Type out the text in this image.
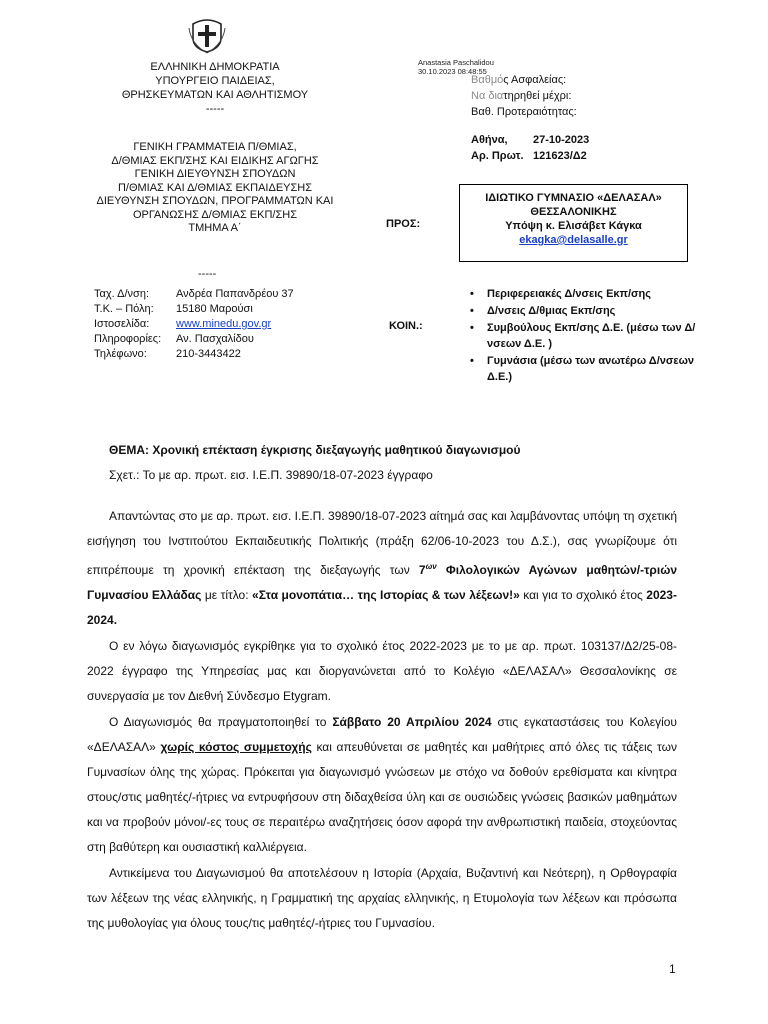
ΕΛΛΗΝΙΚΗ ΔΗΜΟΚΡΑΤΙΑ
ΥΠΟΥΡΓΕΙΟ ΠΑΙΔΕΙΑΣ,
ΘΡΗΣΚΕΥΜΑΤΩΝ ΚΑΙ ΑΘΛΗΤΙΣΜΟΥ
-----
ΓΕΝΙΚΗ ΓΡΑΜΜΑΤΕΙΑ Π/ΘΜΙΑΣ,
Δ/ΘΜΙΑΣ ΕΚΠ/ΣΗΣ ΚΑΙ ΕΙΔΙΚΗΣ ΑΓΩΓΗΣ
ΓΕΝΙΚΗ ΔΙΕΥΘΥΝΣΗ ΣΠΟΥΔΩΝ
Π/ΘΜΙΑΣ ΚΑΙ Δ/ΘΜΙΑΣ ΕΚΠΑΙΔΕΥΣΗΣ
ΔΙΕΥΘΥΝΣΗ ΣΠΟΥΔΩΝ, ΠΡΟΓΡΑΜΜΑΤΩΝ ΚΑΙ
ΟΡΓΑΝΩΣΗΣ Δ/ΘΜΙΑΣ ΕΚΠ/ΣΗΣ
ΤΜΗΜΑ Α΄
Anastasia Paschalidou
30.10.2023 08:48:55
Βαθμός Ασφαλείας:
Να διατηρηθεί μέχρι:
Βαθ. Προτεραιότητας:
Αθήνα, 27-10-2023
Αρ. Πρωτ. 121623/Δ2
ΠΡΟΣ:
ΙΔΙΩΤΙΚΟ ΓΥΜΝΑΣΙΟ «ΔΕΛΑΣΑΛ»
ΘΕΣΣΑΛΟΝΙΚΗΣ
Υπόψη κ. Ελισάβετ Κάγκα
ekagka@delasalle.gr
-----
Ταχ. Δ/νση:	Ανδρέα Παπανδρέου 37
Τ.Κ. – Πόλη:	15180 Μαρούσι
Ιστοσελίδα:	www.minedu.gov.gr
Πληροφορίες:	Αν. Πασχαλίδου
Τηλέφωνο:	210-3443422
ΚΟΙΝ.:
• Περιφερειακές Δ/νσεις Εκπ/σης
• Δ/νσεις Δ/θμιας Εκπ/σης
• Συμβούλους Εκπ/σης Δ.Ε. (μέσω των Δ/νσεων Δ.Ε. )
• Γυμνάσια (μέσω των ανωτέρω Δ/νσεων Δ.Ε.)
ΘΕΜΑ: Χρονική επέκταση έγκρισης διεξαγωγής μαθητικού διαγωνισμού
Σχετ.: Το με αρ. πρωτ. εισ. Ι.Ε.Π. 39890/18-07-2023 έγγραφο

Απαντώντας στο με αρ. πρωτ. εισ. Ι.Ε.Π. 39890/18-07-2023 αίτημά σας και λαμβάνοντας υπόψη τη σχετική εισήγηση του Ινστιτούτου Εκπαιδευτικής Πολιτικής (πράξη 62/06-10-2023 του Δ.Σ.), σας γνωρίζουμε ότι επιτρέπουμε τη χρονική επέκταση της διεξαγωγής των $7^{\omega\nu}$ Φιλολογικών Αγώνων μαθητών/-τριών Γυμνασίου Ελλάδας με τίτλο: «Στα μονοπάτια… της Ιστορίας & των λέξεων!» και για το σχολικό έτος 2023-2024.

Ο εν λόγω διαγωνισμός εγκρίθηκε για το σχολικό έτος 2022-2023 με το με αρ. πρωτ. 103137/Δ2/25-08-2022 έγγραφο της Υπηρεσίας μας και διοργανώνεται από το Κολέγιο «ΔΕΛΑΣΑΛ» Θεσσαλονίκης σε συνεργασία με τον Διεθνή Σύνδεσμο Etygram.

Ο Διαγωνισμός θα πραγματοποιηθεί το Σάββατο 20 Απριλίου 2024 στις εγκαταστάσεις του Κολεγίου «ΔΕΛΑΣΑΛ» χωρίς κόστος συμμετοχής και απευθύνεται σε μαθητές και μαθήτριες από όλες τις τάξεις των Γυμνασίων όλης της χώρας. Πρόκειται για διαγωνισμό γνώσεων με στόχο να δοθούν ερεθίσματα και κίνητρα στους/στις μαθητές/-ήτριες να εντρυφήσουν στη διδαχθείσα ύλη και σε ουσιώδεις γνώσεις βασικών μαθημάτων και να προβούν μόνοι/-ες τους σε περαιτέρω αναζητήσεις όσον αφορά την ανθρωπιστική παιδεία, στοχεύοντας στη βαθύτερη και ουσιαστική καλλιέργεια.

Αντικείμενα του Διαγωνισμού θα αποτελέσουν η Ιστορία (Αρχαία, Βυζαντινή και Νεότερη), η Ορθογραφία των λέξεων της νέας ελληνικής, η Γραμματική της αρχαίας ελληνικής, η Ετυμολογία των λέξεων και πρόσωπα της μυθολογίας για όλους τους/τις μαθητές/-ήτριες του Γυμνασίου.

1
